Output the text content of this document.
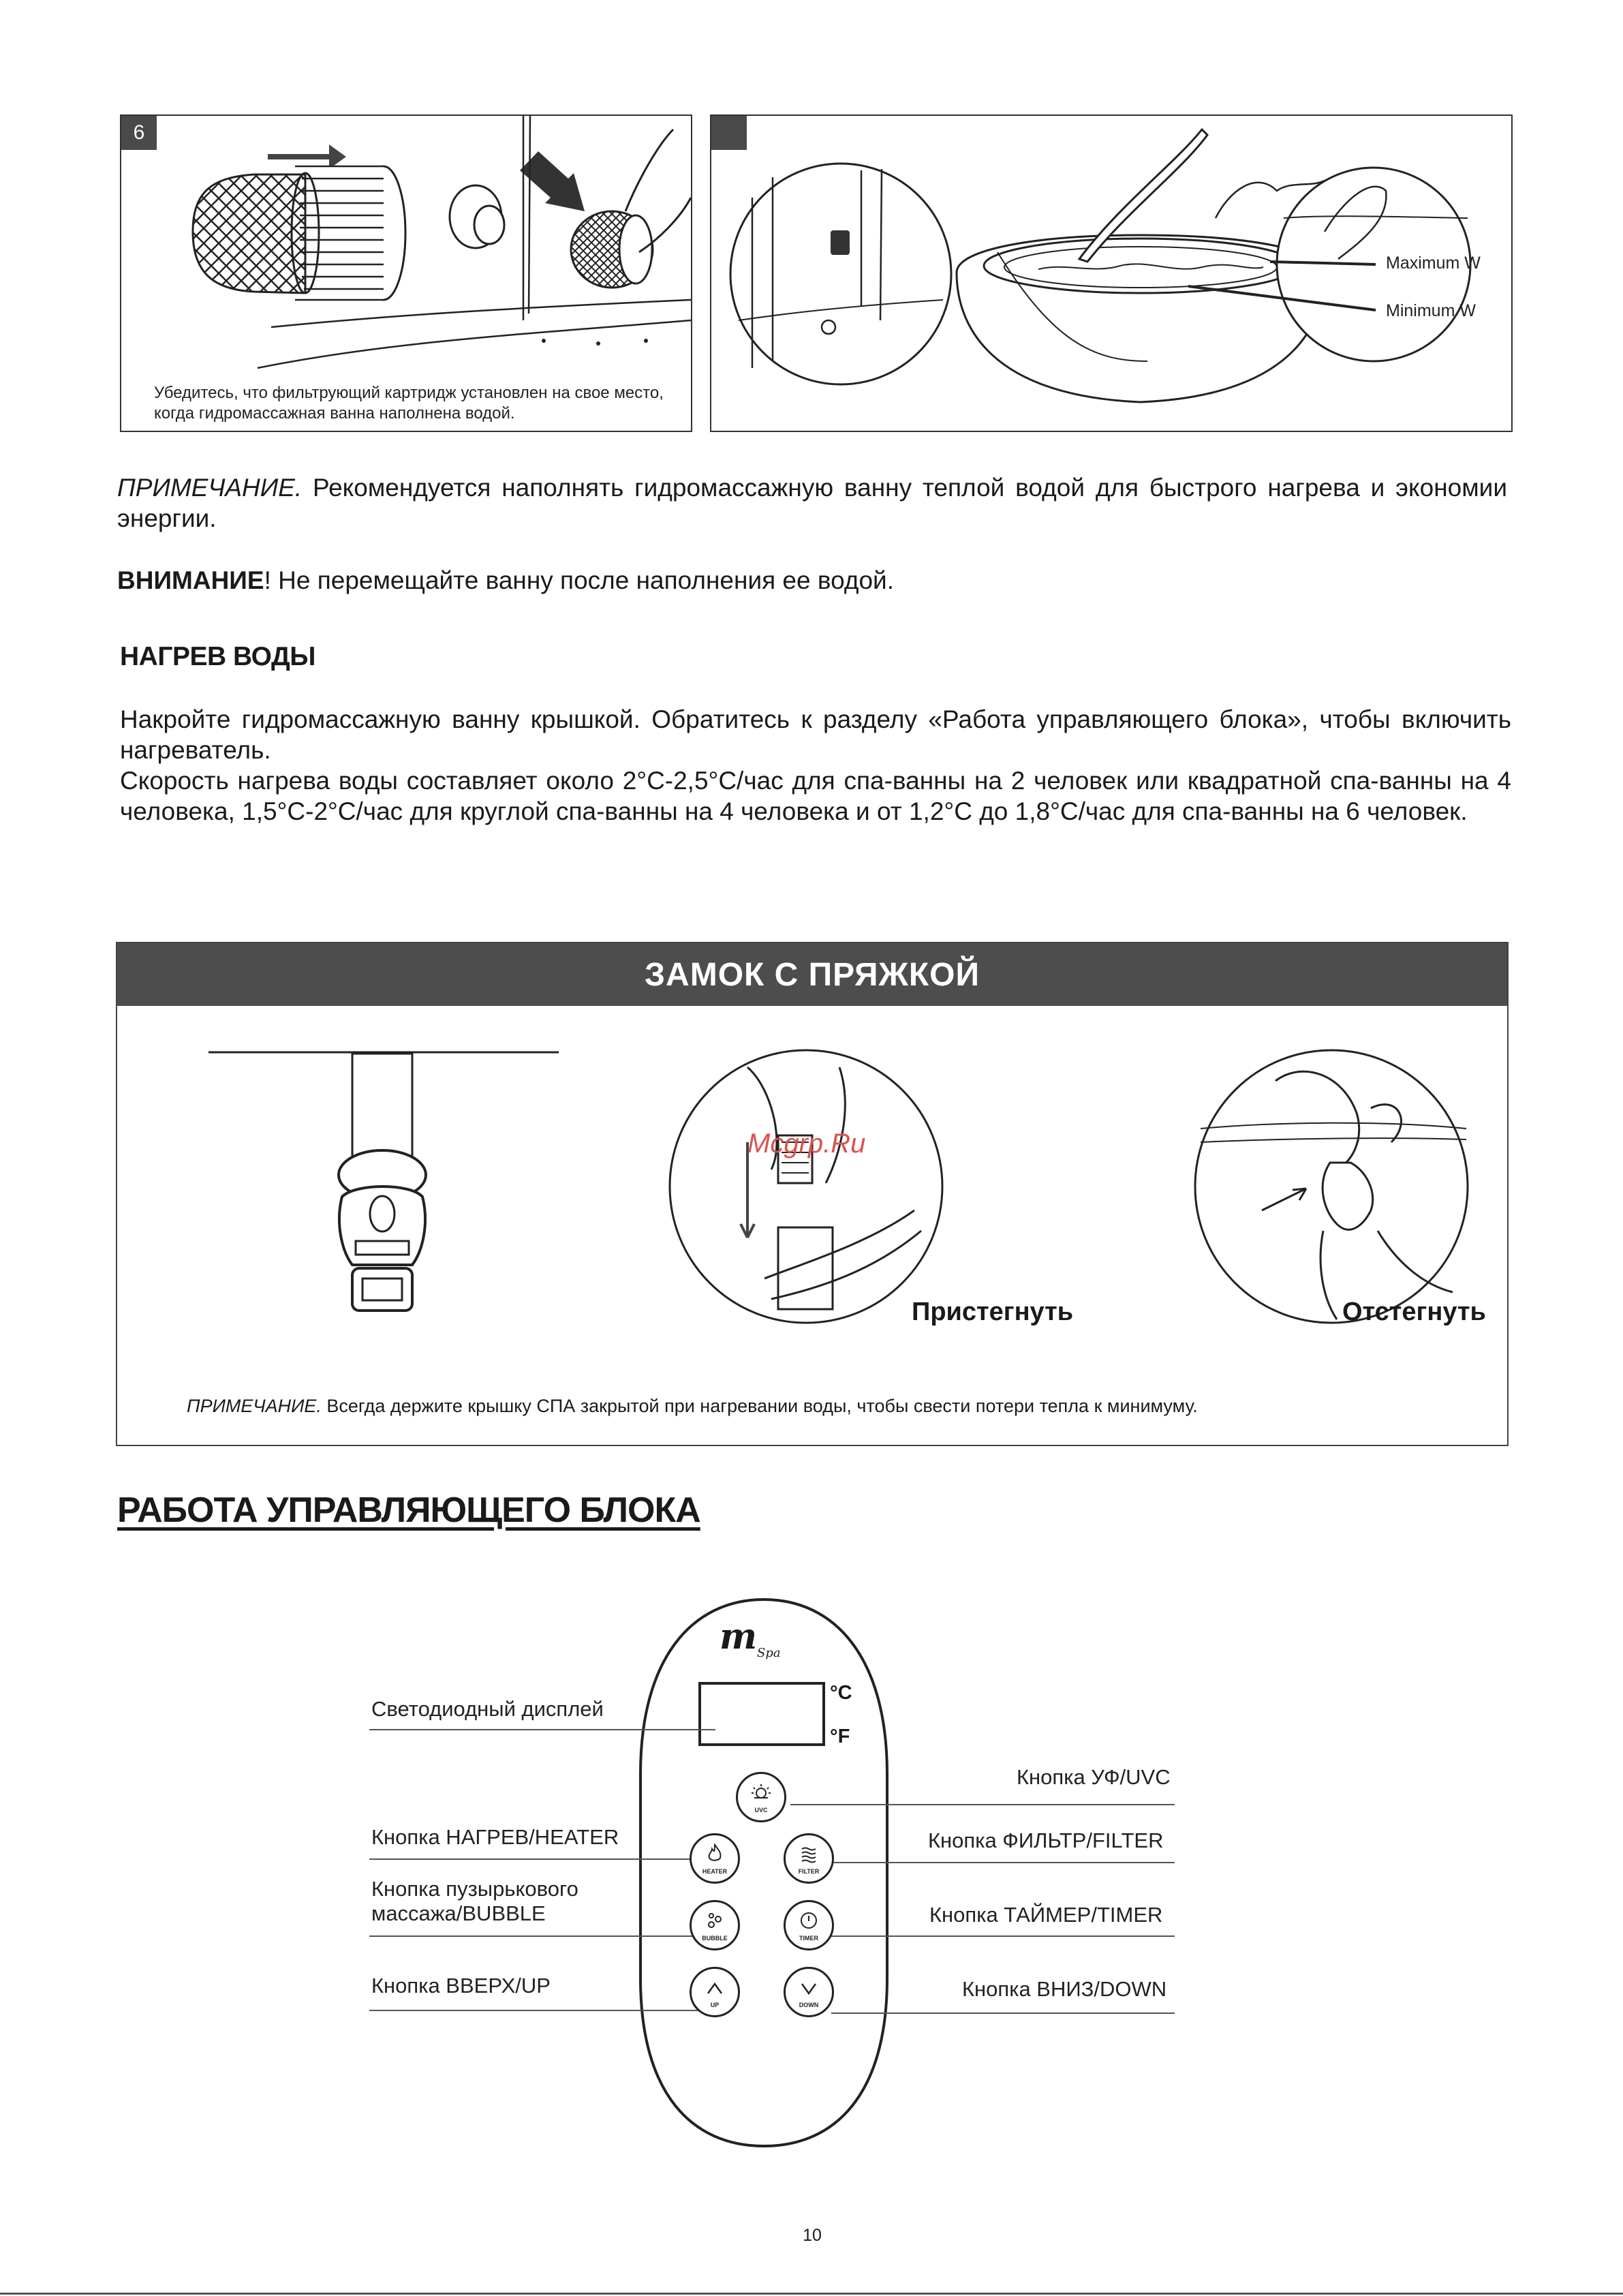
6
Убедитесь, что фильтрующий картридж установлен на свое место,
когда гидромассажная ванна наполнена водой.
Maximum W
Minimum W
ПРИМЕЧАНИЕ. Рекомендуется наполнять гидромассажную ванну теплой водой для быстрого нагрева и экономии энергии.
ВНИМАНИЕ! Не перемещайте ванну после наполнения ее водой.
НАГРЕВ ВОДЫ
Накройте гидромассажную ванну крышкой. Обратитесь к разделу «Работа управляющего блока», чтобы включить нагреватель.
Скорость нагрева воды составляет около 2°C-2,5°C/час для спа-ванны на 2 человек или квадратной спа-ванны на 4 человека, 1,5°C-2°C/час для круглой спа-ванны на 4 человека и от 1,2°C до 1,8°C/час для спа-ванны на 6 человек.
ЗАМОК С ПРЯЖКОЙ
Mcgrp.Ru
Пристегнуть	Отстегнуть
ПРИМЕЧАНИЕ. Всегда держите крышку СПА закрытой при нагревании воды, чтобы свести потери тепла к минимуму.
РАБОТА УПРАВЛЯЮЩЕГО БЛОКА
mSpa
°C
°F
Светодиодный дисплей
Кнопка УФ/UVC
Кнопка НАГРЕВ/HEATER	Кнопка ФИЛЬТР/FILTER
Кнопка пузырькового
массажа/BUBBLE	Кнопка ТАЙМЕР/TIMER
Кнопка ВВЕРХ/UP	Кнопка ВНИЗ/DOWN
UVC
HEATER	FILTER
BUBBLE	TIMER
UP	DOWN
10
